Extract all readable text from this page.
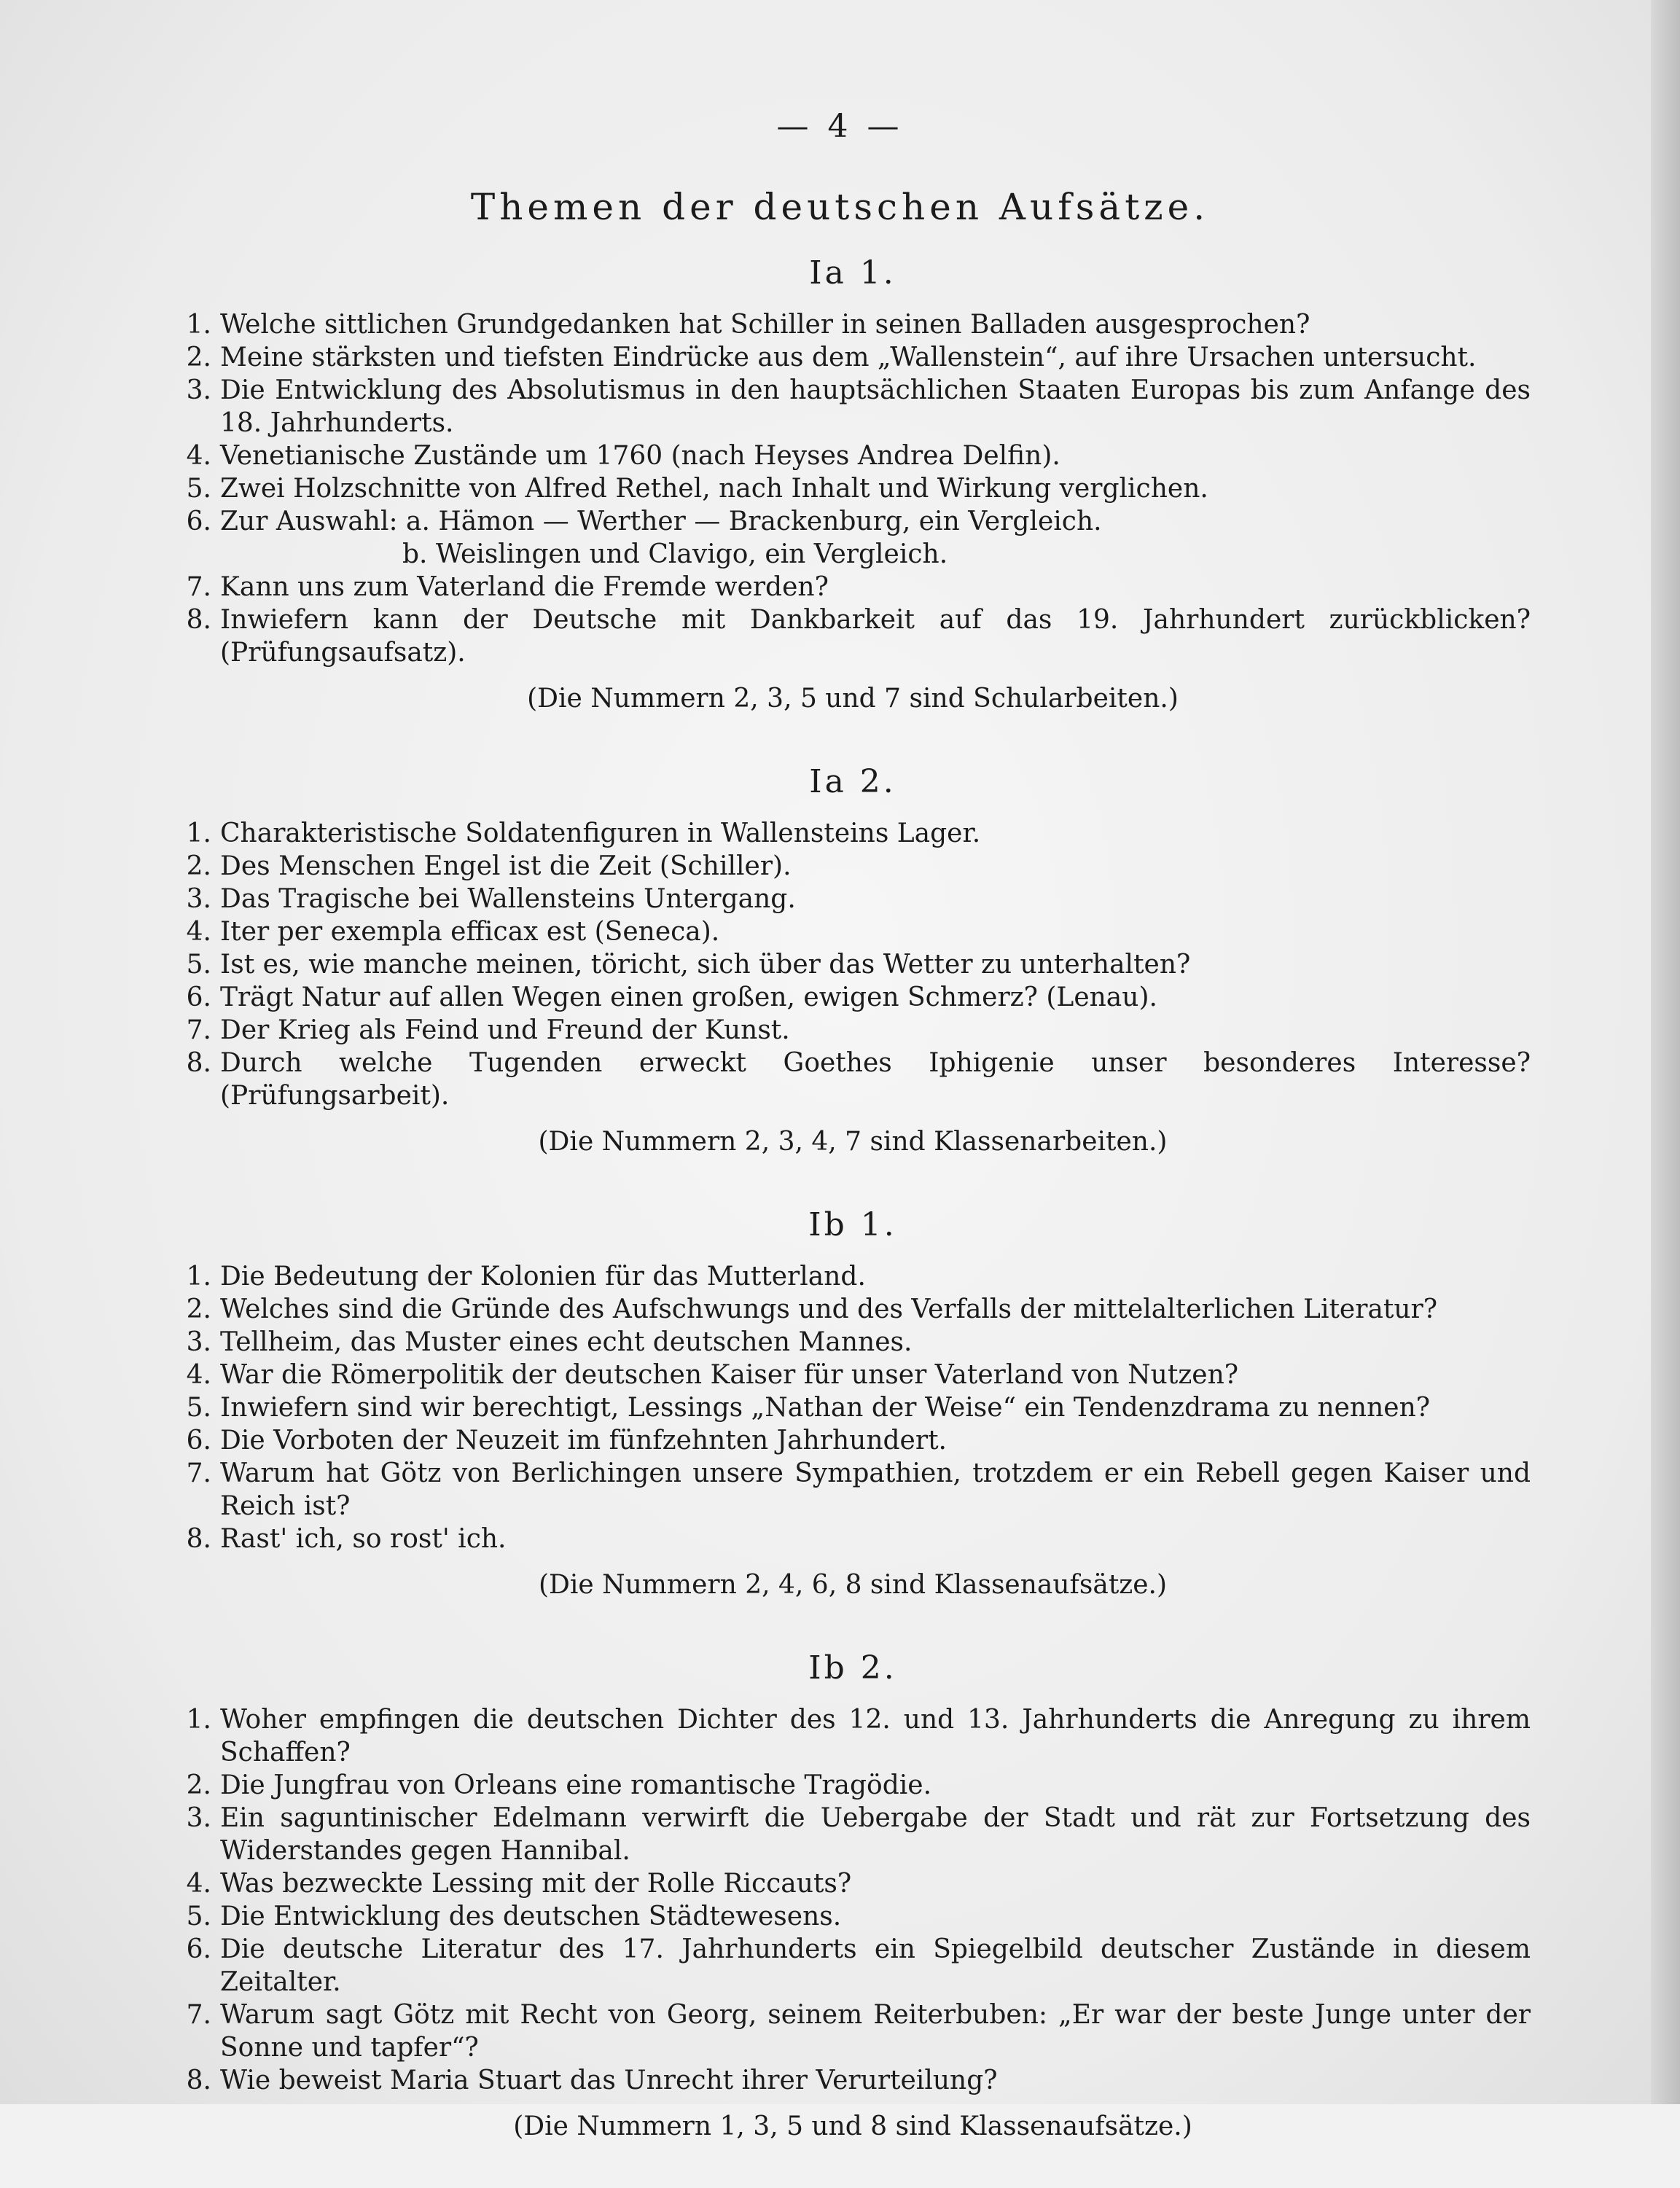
— 4 —
Themen der deutschen Aufsätze.
Ia 1.
1. Welche sittlichen Grundgedanken hat Schiller in seinen Balladen ausgesprochen?
2. Meine stärksten und tiefsten Eindrücke aus dem „Wallenstein“, auf ihre Ursachen untersucht.
3. Die Entwicklung des Absolutismus in den hauptsächlichen Staaten Europas bis zum Anfange des 18. Jahrhunderts.
4. Venetianische Zustände um 1760 (nach Heyses Andrea Delfin).
5. Zwei Holzschnitte von Alfred Rethel, nach Inhalt und Wirkung verglichen.
6. Zur Auswahl: a. Hämon — Werther — Brackenburg, ein Vergleich.
b. Weislingen und Clavigo, ein Vergleich.
7. Kann uns zum Vaterland die Fremde werden?
8. Inwiefern kann der Deutsche mit Dankbarkeit auf das 19. Jahrhundert zurückblicken? (Prüfungsaufsatz).
(Die Nummern 2, 3, 5 und 7 sind Schularbeiten.)
Ia 2.
1. Charakteristische Soldatenfiguren in Wallensteins Lager.
2. Des Menschen Engel ist die Zeit (Schiller).
3. Das Tragische bei Wallensteins Untergang.
4. Iter per exempla efficax est (Seneca).
5. Ist es, wie manche meinen, töricht, sich über das Wetter zu unterhalten?
6. Trägt Natur auf allen Wegen einen großen, ewigen Schmerz? (Lenau).
7. Der Krieg als Feind und Freund der Kunst.
8. Durch welche Tugenden erweckt Goethes Iphigenie unser besonderes Interesse? (Prüfungsarbeit).
(Die Nummern 2, 3, 4, 7 sind Klassenarbeiten.)
Ib 1.
1. Die Bedeutung der Kolonien für das Mutterland.
2. Welches sind die Gründe des Aufschwungs und des Verfalls der mittelalterlichen Literatur?
3. Tellheim, das Muster eines echt deutschen Mannes.
4. War die Römerpolitik der deutschen Kaiser für unser Vaterland von Nutzen?
5. Inwiefern sind wir berechtigt, Lessings „Nathan der Weise“ ein Tendenzdrama zu nennen?
6. Die Vorboten der Neuzeit im fünfzehnten Jahrhundert.
7. Warum hat Götz von Berlichingen unsere Sympathien, trotzdem er ein Rebell gegen Kaiser und Reich ist?
8. Rast' ich, so rost' ich.
(Die Nummern 2, 4, 6, 8 sind Klassenaufsätze.)
Ib 2.
1. Woher empfingen die deutschen Dichter des 12. und 13. Jahrhunderts die Anregung zu ihrem Schaffen?
2. Die Jungfrau von Orleans eine romantische Tragödie.
3. Ein saguntinischer Edelmann verwirft die Uebergabe der Stadt und rät zur Fortsetzung des Widerstandes gegen Hannibal.
4. Was bezweckte Lessing mit der Rolle Riccauts?
5. Die Entwicklung des deutschen Städtewesens.
6. Die deutsche Literatur des 17. Jahrhunderts ein Spiegelbild deutscher Zustände in diesem Zeitalter.
7. Warum sagt Götz mit Recht von Georg, seinem Reiterbuben: „Er war der beste Junge unter der Sonne und tapfer“?
8. Wie beweist Maria Stuart das Unrecht ihrer Verurteilung?
(Die Nummern 1, 3, 5 und 8 sind Klassenaufsätze.)
